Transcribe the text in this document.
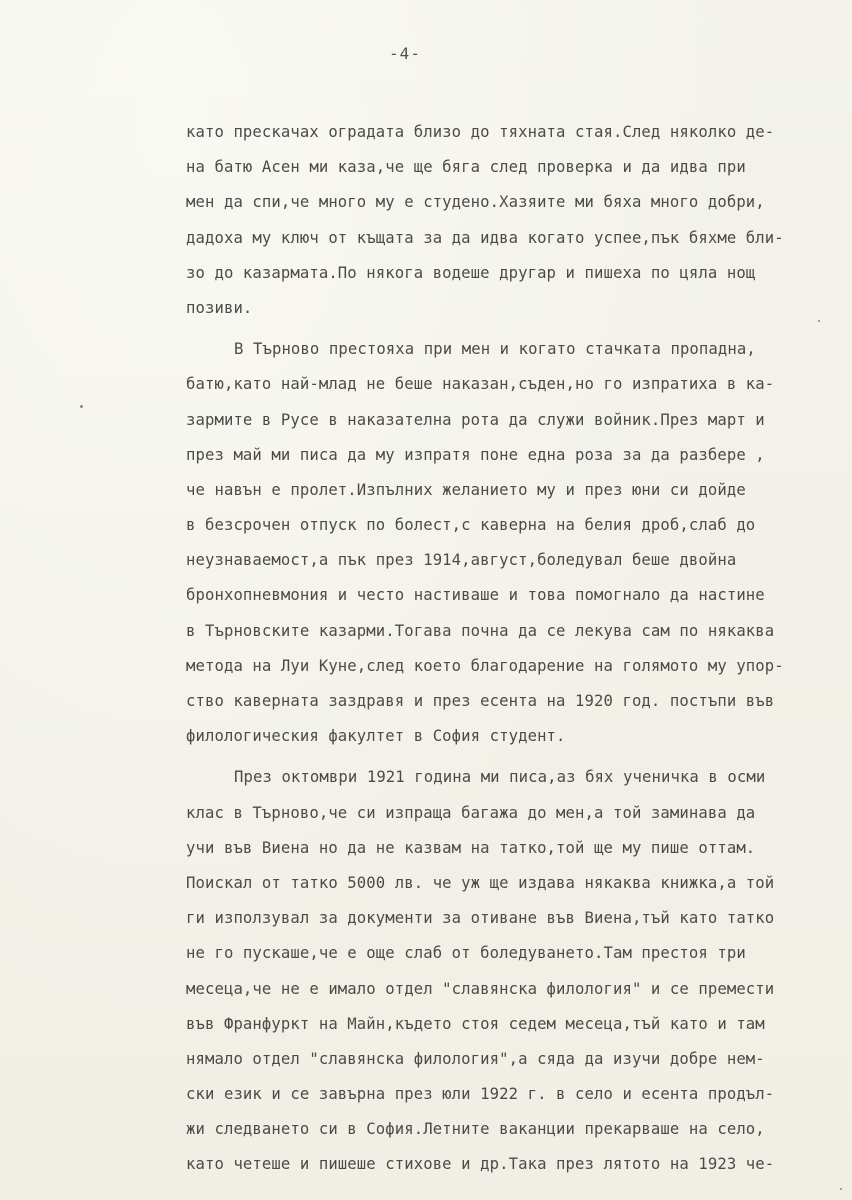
-4-
като прескачах оградата близо до тяхната стая.След няколко де-
на батю Асен ми каза,че ще бяга след проверка и да идва при
мен да спи,че много му е студено.Хазяите ми бяха много добри,
дадоха му ключ от къщата за да идва когато успее,пък бяхме бли-
зо до казармата.По някога водеше другар и пишеха по цяла нощ
позиви.
В Търново престояха при мен и когато стачката пропадна,
батю,като най-млад не беше наказан,съден,но го изпратиха в ка-
зармите в Русе в наказателна рота да служи войник.През март и
през май ми писа да му изпратя поне една роза за да разбере ,
че навън е пролет.Изпълних желанието му и през юни си дойде
в безсрочен отпуск по болест,с каверна на белия дроб,слаб до
неузнаваемост,а пък през 1914,август,боледувал беше двойна
бронхопневмония и често настиваше и това помогнало да настине
в Търновските казарми.Тогава почна да се лекува сам по някаква
метода на Луи Куне,след което благодарение на голямото му упор-
ство каверната заздравя и през есента на 1920 год. постъпи във
филологическия факултет в София студент.
През октомври 1921 година ми писа,аз бях ученичка в осми
клас в Търново,че си изпраща багажа до мен,а той заминава да
учи във Виена но да не казвам на татко,той ще му пише оттам.
Поискал от татко 5000 лв. че уж ще издава някаква книжка,а той
ги използувал за документи за отиване във Виена,тъй като татко
не го пускаше,че е още слаб от боледуването.Там престоя три
месеца,че не е имало отдел "славянска филология" и се премести
във Франфуркт на Майн,където стоя седем месеца,тъй като и там
нямало отдел "славянска филология",а сяда да изучи добре нем-
ски език и се завърна през юли 1922 г. в село и есента продъл-
жи следването си в София.Летните ваканции прекарваше на село,
като четеше и пишеше стихове и др.Така през лятото на 1923 че-
